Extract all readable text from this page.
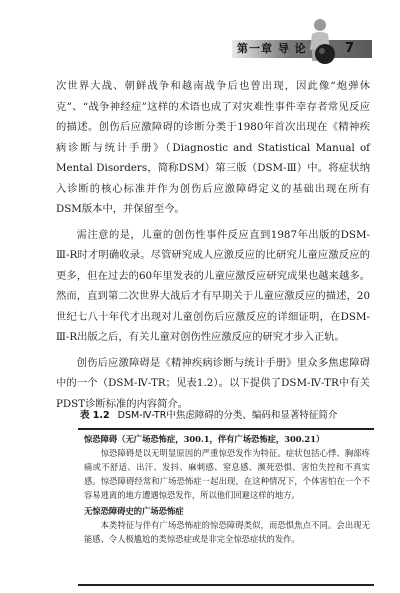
第一章 导 论	7

次世界大战、朝鲜战争和越南战争后也曾出现，因此像“炮弹休克”、“战争神经症”这样的术语也成了对灾难性事件幸存者常见反应的描述。创伤后应激障碍的诊断分类于1980年首次出现在《精神疾病诊断与统计手册》（Diagnostic and Statistical Manual of Mental Disorders，简称DSM）第三版（DSM-Ⅲ）中。将症状纳入诊断的核心标准并作为创伤后应激障碍定义的基础出现在所有DSM版本中，并保留至今。

需注意的是，儿童的创伤性事件反应直到1987年出版的DSM-Ⅲ-R时才明确收录。尽管研究成人应激反应的比研究儿童应激反应的更多，但在过去的60年里发表的儿童应激反应研究成果也越来越多。然而，直到第二次世界大战后才有早期关于儿童应激反应的描述，20世纪七八十年代才出现对儿童创伤后应激反应的详细证明，在DSM-Ⅲ-R出版之后，有关儿童对创伤性应激反应的研究才步入正轨。

创伤后应激障碍是《精神疾病诊断与统计手册》里众多焦虑障碍中的一个（DSM-Ⅳ-TR；见表1.2）。以下提供了DSM-Ⅳ-TR中有关PDST诊断标准的内容简介。

表 1.2 DSM-Ⅳ-TR中焦虑障碍的分类、编码和显著特征简介

惊恐障碍（无广场恐怖症，300.1，伴有广场恐怖症，300.21）

惊恐障碍是以无明显原因的严重惊恐发作为特征。症状包括心悸、胸部疼痛或不舒适、出汗、发抖、麻刺感、窒息感、濒死恐惧、害怕失控和不真实感。惊恐障碍经常和广场恐怖症一起出现，在这种情况下，个体害怕在一个不容易逃离的地方遭遇惊恐发作，所以他们回避这样的地方。

无惊恐障碍史的广场恐怖症

本类特征与伴有广场恐怖症的惊恐障碍类似，而恐惧焦点不同。会出现无能感、令人极尴尬的类惊恐症或是非完全惊恐症状的发作。
